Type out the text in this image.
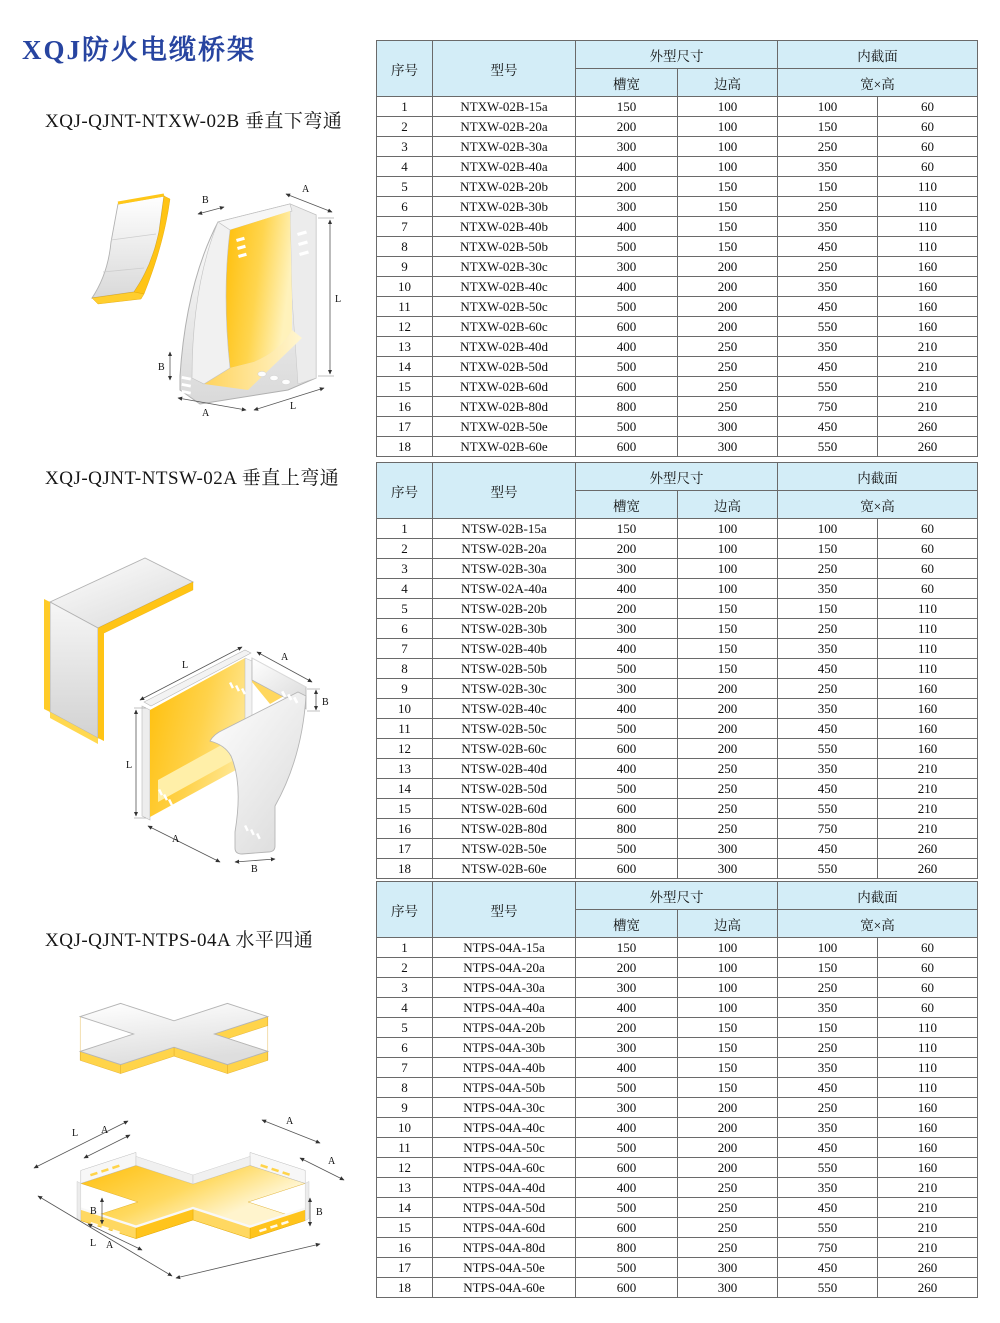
XQJ防火电缆桥架
XQJ-QJNT-NTXW-02B 垂直下弯通
XQJ-QJNT-NTSW-02A 垂直上弯通
XQJ-QJNT-NTPS-04A 水平四通
B
A
L
B
A
L
L
A
B
L
A
B
L A
A
A
B	B
A
L
序号	型号	外型尺寸		内截面	
		槽宽	边高	宽×高	
1	NTXW-02B-15a	150	100	100	60
2	NTXW-02B-20a	200	100	150	60
3	NTXW-02B-30a	300	100	250	60
4	NTXW-02B-40a	400	100	350	60
5	NTXW-02B-20b	200	150	150	110
6	NTXW-02B-30b	300	150	250	110
7	NTXW-02B-40b	400	150	350	110
8	NTXW-02B-50b	500	150	450	110
9	NTXW-02B-30c	300	200	250	160
10	NTXW-02B-40c	400	200	350	160
11	NTXW-02B-50c	500	200	450	160
12	NTXW-02B-60c	600	200	550	160
13	NTXW-02B-40d	400	250	350	210
14	NTXW-02B-50d	500	250	450	210
15	NTXW-02B-60d	600	250	550	210
16	NTXW-02B-80d	800	250	750	210
17	NTXW-02B-50e	500	300	450	260
18	NTXW-02B-60e	600	300	550	260
序号	型号	外型尺寸		内截面	
		槽宽	边高	宽×高	
1	NTSW-02B-15a	150	100	100	60
2	NTSW-02B-20a	200	100	150	60
3	NTSW-02B-30a	300	100	250	60
4	NTSW-02A-40a	400	100	350	60
5	NTSW-02B-20b	200	150	150	110
6	NTSW-02B-30b	300	150	250	110
7	NTSW-02B-40b	400	150	350	110
8	NTSW-02B-50b	500	150	450	110
9	NTSW-02B-30c	300	200	250	160
10	NTSW-02B-40c	400	200	350	160
11	NTSW-02B-50c	500	200	450	160
12	NTSW-02B-60c	600	200	550	160
13	NTSW-02B-40d	400	250	350	210
14	NTSW-02B-50d	500	250	450	210
15	NTSW-02B-60d	600	250	550	210
16	NTSW-02B-80d	800	250	750	210
17	NTSW-02B-50e	500	300	450	260
18	NTSW-02B-60e	600	300	550	260
序号	型号	外型尺寸		内截面	
		槽宽	边高	宽×高	
1	NTPS-04A-15a	150	100	100	60
2	NTPS-04A-20a	200	100	150	60
3	NTPS-04A-30a	300	100	250	60
4	NTPS-04A-40a	400	100	350	60
5	NTPS-04A-20b	200	150	150	110
6	NTPS-04A-30b	300	150	250	110
7	NTPS-04A-40b	400	150	350	110
8	NTPS-04A-50b	500	150	450	110
9	NTPS-04A-30c	300	200	250	160
10	NTPS-04A-40c	400	200	350	160
11	NTPS-04A-50c	500	200	450	160
12	NTPS-04A-60c	600	200	550	160
13	NTPS-04A-40d	400	250	350	210
14	NTPS-04A-50d	500	250	450	210
15	NTPS-04A-60d	600	250	550	210
16	NTPS-04A-80d	800	250	750	210
17	NTPS-04A-50e	500	300	450	260
18	NTPS-04A-60e	600	300	550	260
